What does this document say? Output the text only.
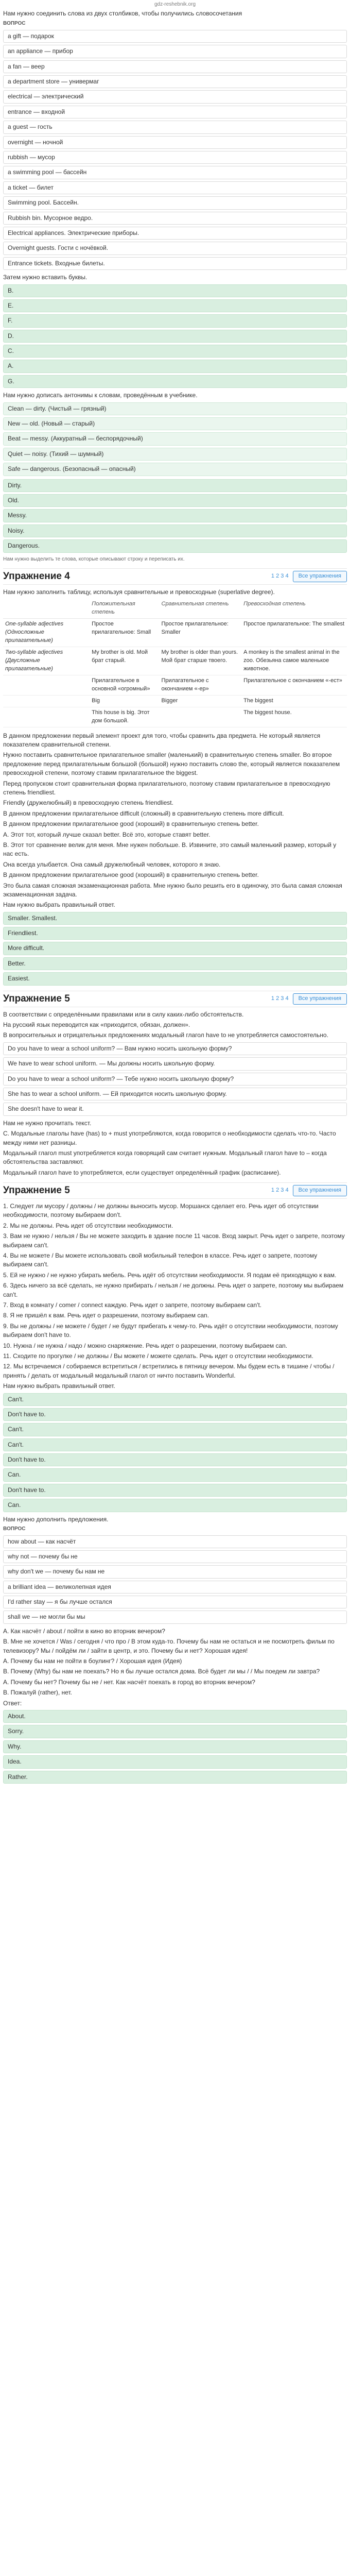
gdz-reshebnik.org

Нам нужно соединить слова из двух столбиков, чтобы получились словосочетания

ВОПРОС
a gift — подарок
an appliance — прибор
a fan — веер
a department store — универмаг
electrical — электрический
entrance — входной
a guest — гость
overnight — ночной
rubbish — мусор
a swimming pool — бассейн
a ticket — билет
Swimming pool. Бассейн.
Rubbish bin. Мусорное ведро.
Electrical appliances. Электрические приборы.
Overnight guests. Гости с ночёвкой.
Entrance tickets. Входные билеты.

Затем нужно вставить буквы.

B.
E.
F.
D.
C.
A.
G.

Нам нужно дописать антонимы к словам, проведённым в учебнике.

Clean — dirty. (Чистый — грязный)
New — old. (Новый — старый)
Beat — messy. (Аккуратный — беспорядочный)
Quiet — noisy. (Тихий — шумный)
Safe — dangerous. (Безопасный — опасный)
Dirty.
Old.
Messy.
Noisy.
Dangerous.

Нам нужно выделить те слова, которые описывают строку и переписать их.

Упражнение 4	1 2 3 4	Все упражнения

Нам нужно заполнить таблицу, используя сравнительные и превосходные (superlative degree).

	Положительная степень	Сравнительная степень	Превосходная степень
One-syllable adjectives (Односложные прилагательные)	Простое прилагательное: Small	Простое прилагательное: Smaller	Простое прилагательное: The smallest
Two-syllable adjectives (Двусложные прилагательные)	My brother is old. Мой брат старый.	My brother is older than yours. Мой брат старше твоего.	A monkey is the smallest animal in the zoo. Обезьяна самое маленькое животное.
	Прилагательное в основной «огромный»	Прилагательное с окончанием «-ер»	Прилагательное с окончанием «-ест»
	Big	Bigger	The biggest
	This house is big. Этот дом большой.		The biggest house.

В данном предложении первый элемент проект для того, чтобы сравнить два предмета. Не который является показателем сравнительной степени.

Нужно поставить сравнительное прилагательное smaller (маленький) в сравнительную степень smaller. Во второе предложение перед прилагательным большой (большой) нужно поставить слово the, который является показателем превосходной степени, поэтому ставим прилагательное the biggest.

Перед пропуском стоит сравнительная форма прилагательного, поэтому ставим прилагательное в превосходную степень friendliest.

Friendly (дружелюбный) в превосходную степень friendliest.

В данном предложении прилагательное difficult (сложный) в сравнительную степень more difficult.

В данном предложении прилагательное good (хороший) в сравнительную степень better.

A. Этот тот, который лучше сказал better. Всё это, которые ставят better.

B. Этот тот сравнение велик для меня. Мне нужен побольше. B. Извините, это самый маленький размер, который у нас есть.

Она всегда улыбается. Она самый дружелюбный человек, которого я знаю.

В данном предложении прилагательное good (хороший) в сравнительную степень better.

Это была самая сложная экзаменационная работа. Мне нужно было решить его в одиночку, это была самая сложная экзаменационная задача.

Нам нужно выбрать правильный ответ.

Smaller. Smallest.
Friendliest.
More difficult.
Better.
Easiest.
Упражнение 5	1 2 3 4	Все упражнения

В соответствии с определёнными правилами или в силу каких-либо обстоятельств.

На русский язык переводится как «приходится, обязан, должен».

В вопросительных и отрицательных предложениях модальный глагол have to не употребляется самостоятельно.

Do you have to wear a school uniform? — Вам нужно носить школьную форму?
We have to wear school uniform. — Мы должны носить школьную форму.
Do you have to wear a school uniform? — Тебе нужно носить школьную форму?
She has to wear a school uniform. — Ей приходится носить школьную форму.
She doesn't have to wear it.

Нам не нужно прочитать текст.

C. Модальные глаголы have (has) to + must употребляются, когда говорится о необходимости сделать что-то. Часто между ними нет разницы.

Модальный глагол must употребляется когда говорящий сам считает нужным. Модальный глагол have to – когда обстоятельства заставляют.

Модальный глагол have to употребляется, если существует определённый график (расписание).

Упражнение 5	1 2 3 4	Все упражнения

1. Следует ли мусору / должны / не должны выносить мусор. Моршанск сделает его. Речь идет об отсутствии необходимости, поэтому выбираем don't.

2. Мы не должны. Речь идет об отсутствии необходимости.

3. Вам не нужно / нельзя / Вы не можете заходить в здание после 11 часов. Вход закрыт. Речь идет о запрете, поэтому выбираем can't.

4. Вы не можете / Вы можете использовать свой мобильный телефон в классе. Речь идет о запрете, поэтому выбираем can't.

5. Ей не нужно / не нужно убирать мебель. Речь идёт об отсутствии необходимости. Я подам её приходящую к вам.

6. Здесь ничего за всё сделать, не нужно прибирать / нельзя / не должны. Речь идет о запрете, поэтому мы выбираем can't.

7. Вход в комнату / comer / connect каждую. Речь идет о запрете, поэтому выбираем can't.

8. Я не пришёл к вам. Речь идет о разрешении, поэтому выбираем can.

9. Вы не должны / не можете / будет / не будут прибегать к чему-то. Речь идёт о отсутствии необходимости, поэтому выбираем don't have to.

10. Нужна / не нужна / надо / можно снаряжение. Речь идет о разрешении, поэтому выбираем can.

11. Сходите по прогулке / не должны / Вы можете / можете сделать. Речь идет о отсутствии необходимости.

12. Мы встречаемся / собираемся встретиться / встретились в пятницу вечером. Мы будем есть в тишине / чтобы / принять / делать от модальный модальный глагол от ничто поставить Wonderful.

Нам нужно выбрать правильный ответ.

Can't.
Don't have to.
Can't.
Can't.
Don't have to.
Can.
Don't have to.
Can.

Нам нужно дополнить предложения.

ВОПРОС
how about — как насчёт
why not — почему бы не
why don't we — почему бы нам не
a brilliant idea — великолепная идея
I'd rather stay — я бы лучше остался
shall we — не могли бы мы

A. Как насчёт / about / пойти в кино во вторник вечером?

B. Мне не хочется / Was / сегодня / что про / В этом куда-то. Почему бы нам не остаться и не посмотреть фильм по телевизору? Мы / пойдём ли / зайти в центр, и это. Почему бы и нет? Хорошая идея!

A. Почему бы нам не пойти в боулинг? / Хорошая идея (Идея)

B. Почему (Why) бы нам не поехать? Но я бы лучше остался дома. Всё будет ли мы / / Мы поедем ли завтра?

A. Почему бы нет? Почему бы не / нет. Как насчёт поехать в город во вторник вечером?

B. Пожалуй (rather), нет.

Ответ:

About.
Sorry.
Why.
Idea.
Rather.
